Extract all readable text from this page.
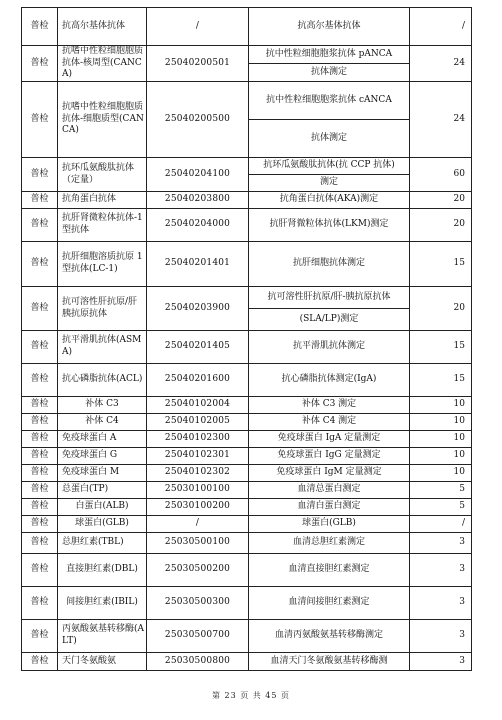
普检	抗高尔基体抗体	/	抗高尔基体抗体	/
普检	抗嗜中性粒细胞胞质抗体-核周型(CANCA)	25040200501	抗中性粒细胞胞浆抗体 pANCA	24
			抗体测定	
普检	抗嗜中性粒细胞胞质抗体-细胞质型(CANCA)	25040200500	抗中性粒细胞胞浆抗体 cANCA	24
			抗体测定	
普检	抗环瓜氨酸肽抗体（定量）	25040204100	抗环瓜氨酸肽抗体(抗 CCP 抗体)	60
			测定	
普检	抗角蛋白抗体	25040203800	抗角蛋白抗体(AKA)测定	20
普检	抗肝肾微粒体抗体-1 型抗体	25040204000	抗肝肾微粒体抗体(LKM)测定	20
普检	抗肝细胞溶质抗原 1 型抗体(LC-1)	25040201401	抗肝细胞抗体测定	15
普检	抗可溶性肝抗原/肝胰抗原抗体	25040203900	抗可溶性肝抗原/肝-胰抗原抗体	20
			(SLA/LP)测定	
普检	抗平滑肌抗体(ASMA)	25040201405	抗平滑肌抗体测定	15
普检	抗心磷脂抗体(ACL)	25040201600	抗心磷脂抗体测定(IgA)	15
普检	补体 C3	25040102004	补体 C3 测定	10
普检	补体 C4	25040102005	补体 C4 测定	10
普检	免疫球蛋白 A	25040102300	免疫球蛋白 IgA 定量测定	10
普检	免疫球蛋白 G	25040102301	免疫球蛋白 IgG 定量测定	10
普检	免疫球蛋白 M	25040102302	免疫球蛋白 IgM 定量测定	10
普检	总蛋白(TP)	25030100100	血清总蛋白测定	5
普检	白蛋白(ALB)	25030100200	血清白蛋白测定	5
普检	球蛋白(GLB)	/	球蛋白(GLB)	/
普检	总胆红素(TBL)	25030500100	血清总胆红素测定	3
普检	直接胆红素(DBL)	25030500200	血清直接胆红素测定	3
普检	间接胆红素(IBIL)	25030500300	血清间接胆红素测定	3
普检	丙氨酸氨基转移酶(ALT)	25030500700	血清丙氨酸氨基转移酶测定	3
普检	天门冬氨酸氨	25030500800	血清天门冬氨酸氨基转移酶测	3
第 23 页 共 45 页
